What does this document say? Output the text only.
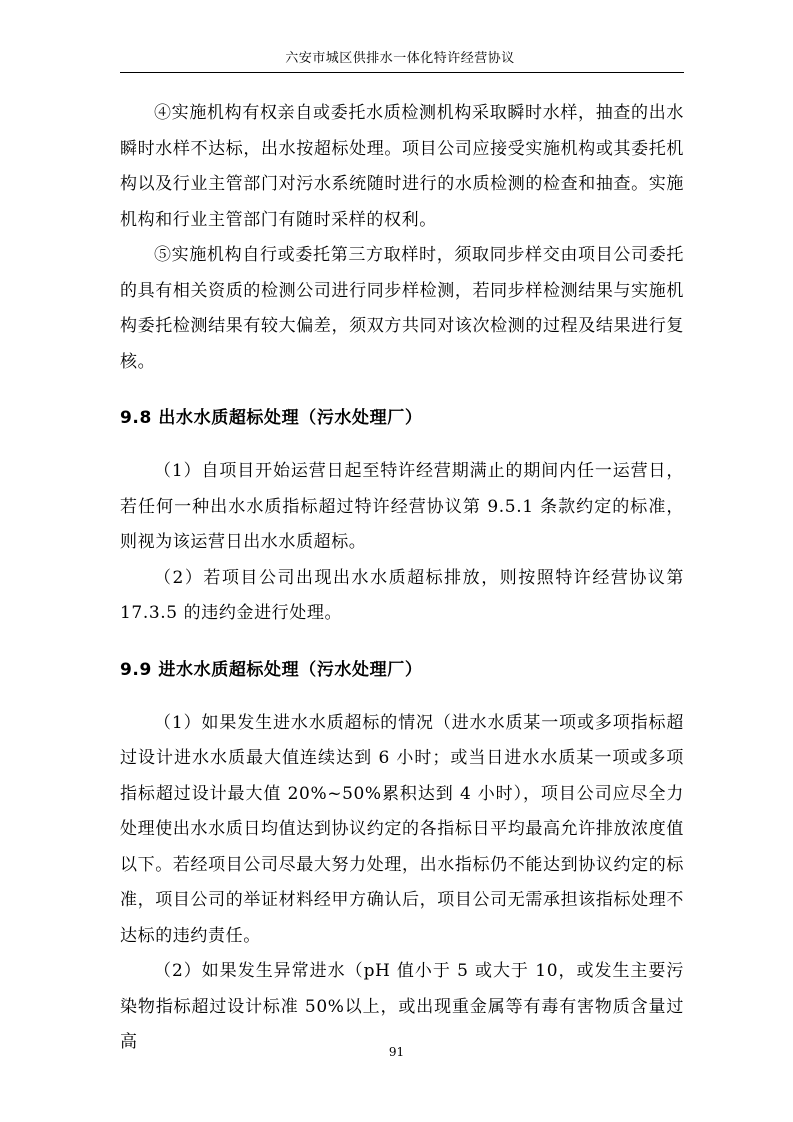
六安市城区供排水一体化特许经营协议

④实施机构有权亲自或委托水质检测机构采取瞬时水样，抽查的出水瞬时水样不达标，出水按超标处理。项目公司应接受实施机构或其委托机构以及行业主管部门对污水系统随时进行的水质检测的检查和抽查。实施机构和行业主管部门有随时采样的权利。

⑤实施机构自行或委托第三方取样时，须取同步样交由项目公司委托的具有相关资质的检测公司进行同步样检测，若同步样检测结果与实施机构委托检测结果有较大偏差，须双方共同对该次检测的过程及结果进行复核。

9.8 出水水质超标处理（污水处理厂）

（1）自项目开始运营日起至特许经营期满止的期间内任一运营日，若任何一种出水水质指标超过特许经营协议第 9.5.1 条款约定的标准，则视为该运营日出水水质超标。

（2）若项目公司出现出水水质超标排放，则按照特许经营协议第 17.3.5 的违约金进行处理。

9.9 进水水质超标处理（污水处理厂）

（1）如果发生进水水质超标的情况（进水水质某一项或多项指标超过设计进水水质最大值连续达到 6 小时；或当日进水水质某一项或多项指标超过设计最大值 20%~50%累积达到 4 小时），项目公司应尽全力处理使出水水质日均值达到协议约定的各指标日平均最高允许排放浓度值以下。若经项目公司尽最大努力处理，出水指标仍不能达到协议约定的标准，项目公司的举证材料经甲方确认后，项目公司无需承担该指标处理不达标的违约责任。

（2）如果发生异常进水（pH 值小于 5 或大于 10，或发生主要污染物指标超过设计标准 50%以上，或出现重金属等有毒有害物质含量过高	91
